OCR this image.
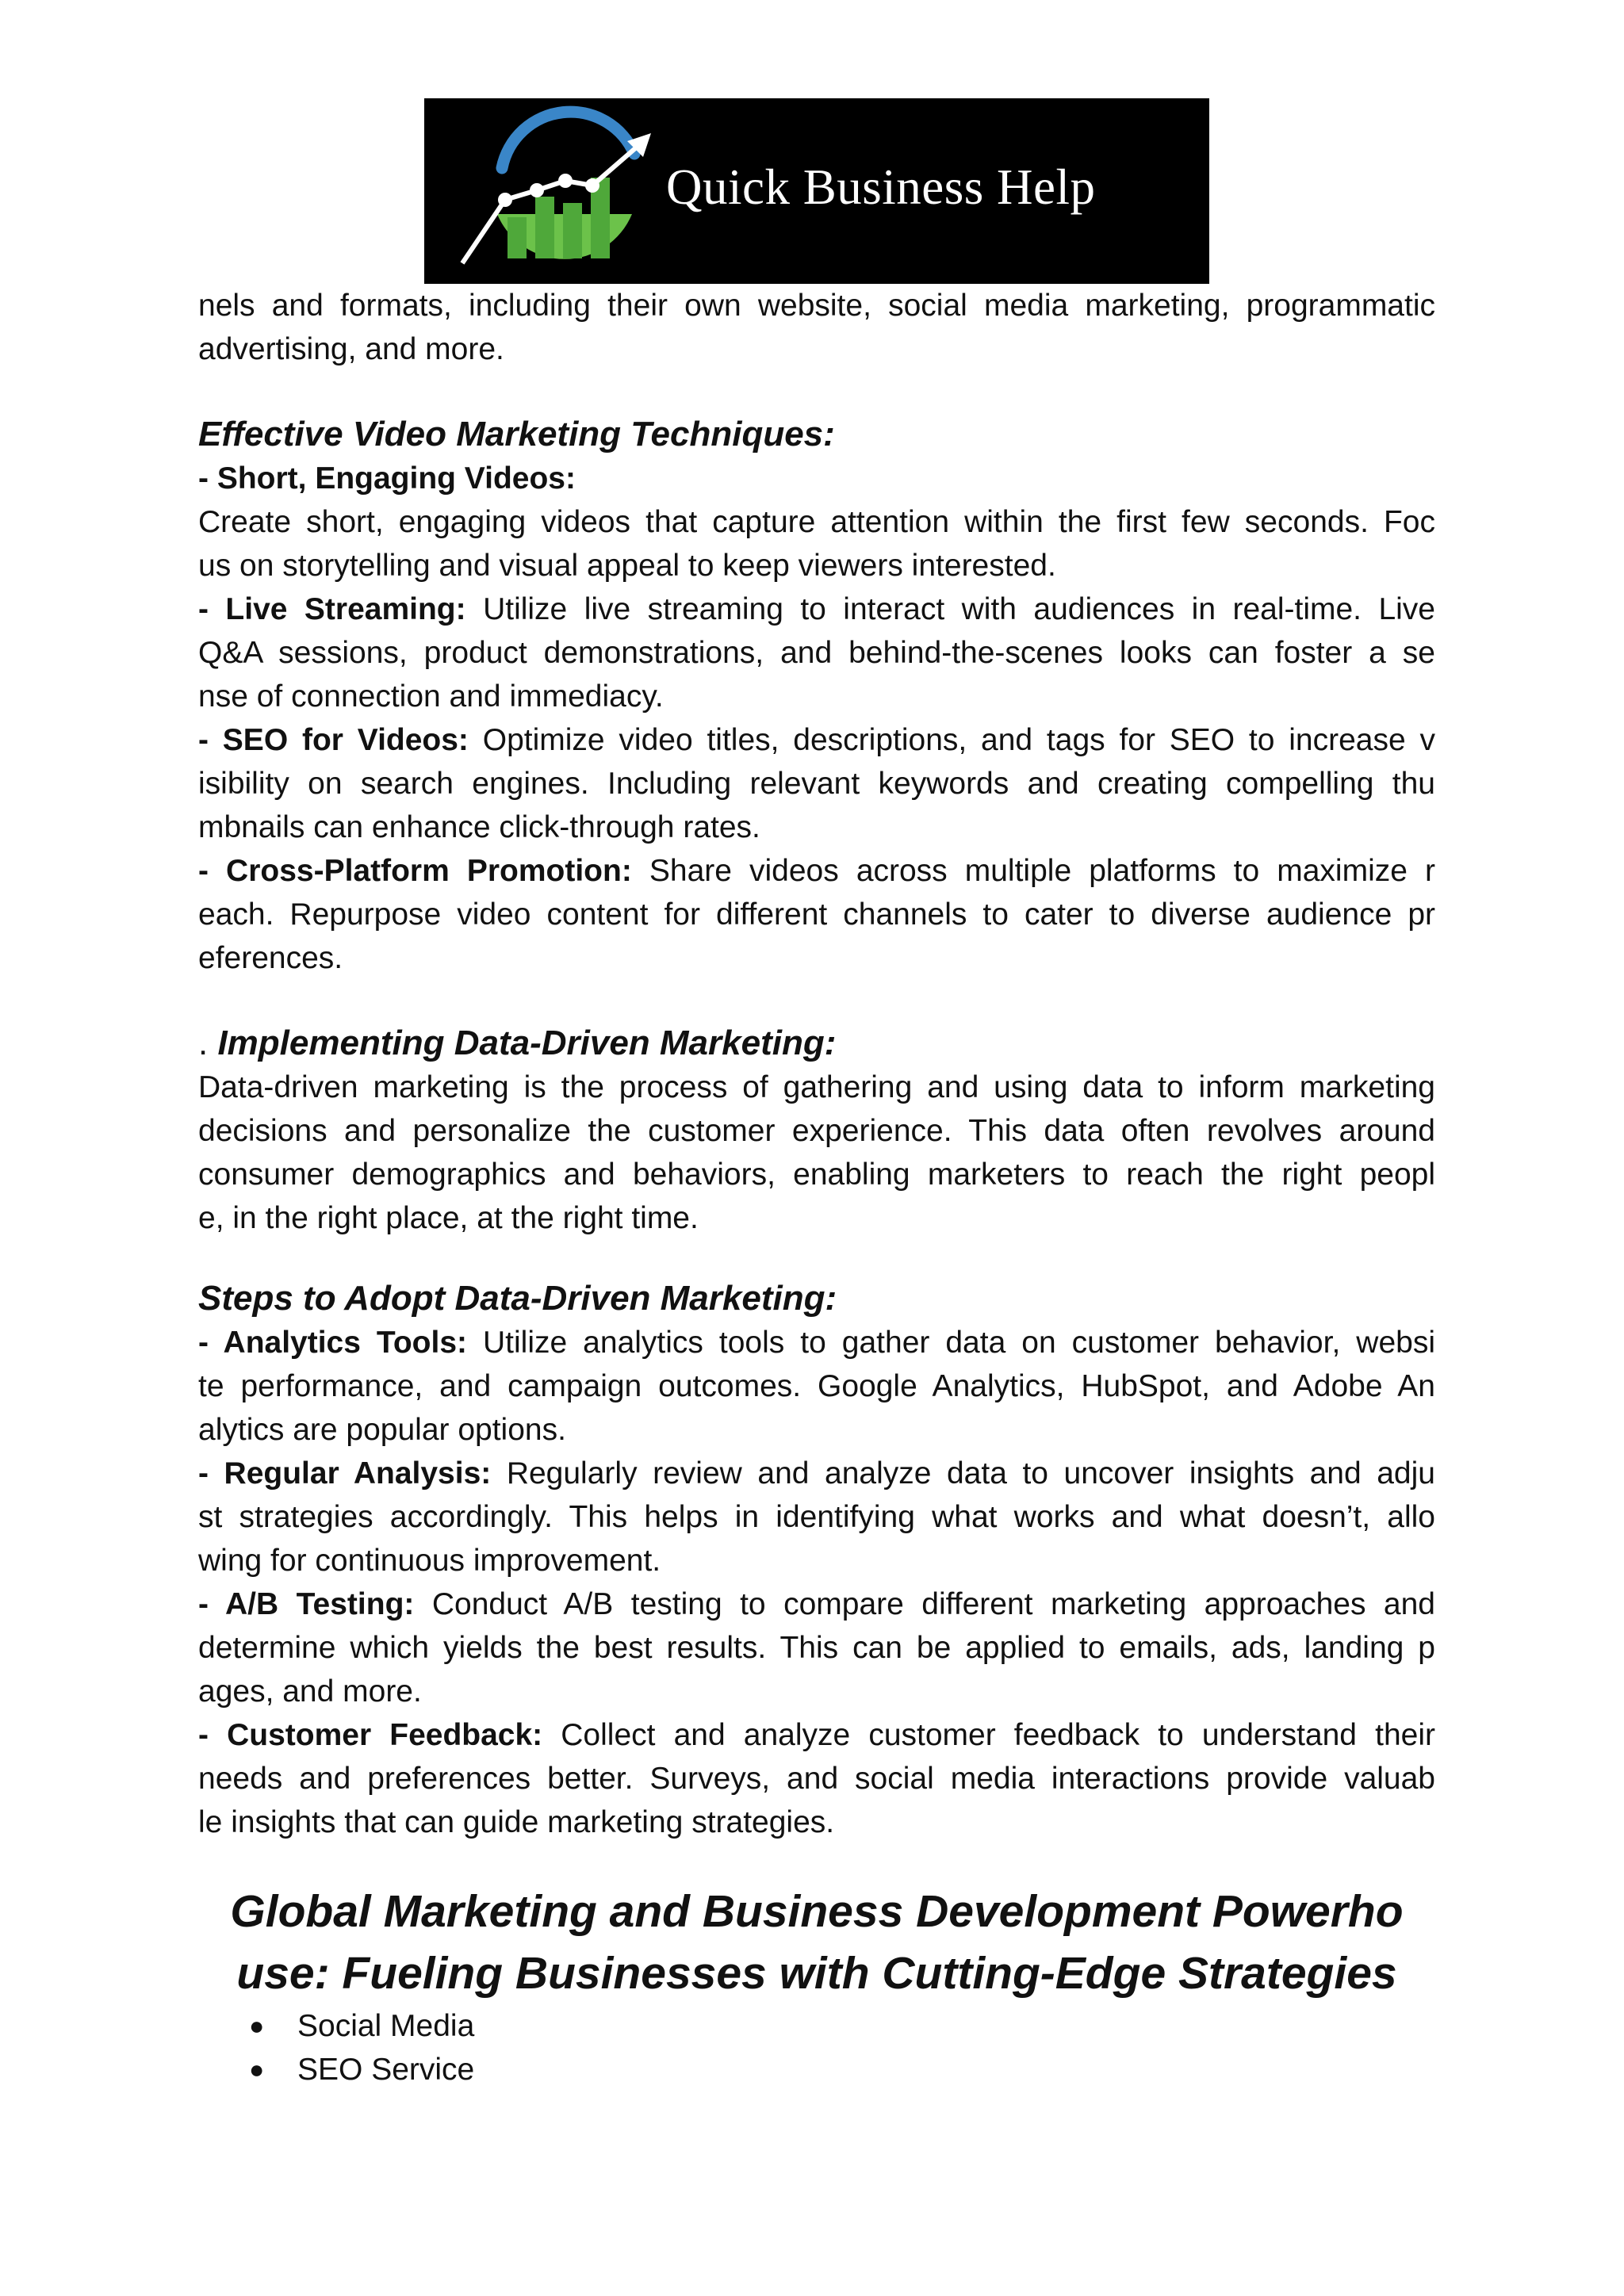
Quick Business Help
nels and formats, including their own website, social media marketing, programmatic
advertising, and more.
Effective Video Marketing Techniques:
- Short, Engaging Videos:
Create short, engaging videos that capture attention within the first few seconds. Foc
us on storytelling and visual appeal to keep viewers interested.
- Live Streaming: Utilize live streaming to interact with audiences in real-time. Live
Q&A sessions, product demonstrations, and behind-the-scenes looks can foster a se
nse of connection and immediacy.
- SEO for Videos: Optimize video titles, descriptions, and tags for SEO to increase v
isibility on search engines. Including relevant keywords and creating compelling thu
mbnails can enhance click-through rates.
- Cross-Platform Promotion: Share videos across multiple platforms to maximize r
each. Repurpose video content for different channels to cater to diverse audience pr
eferences.
. Implementing Data-Driven Marketing:
Data-driven marketing is the process of gathering and using data to inform marketing
decisions and personalize the customer experience. This data often revolves around
consumer demographics and behaviors, enabling marketers to reach the right peopl
e, in the right place, at the right time.
Steps to Adopt Data-Driven Marketing:
- Analytics Tools: Utilize analytics tools to gather data on customer behavior, websi
te performance, and campaign outcomes. Google Analytics, HubSpot, and Adobe An
alytics are popular options.
- Regular Analysis: Regularly review and analyze data to uncover insights and adju
st strategies accordingly. This helps in identifying what works and what doesn’t, allo
wing for continuous improvement.
- A/B Testing: Conduct A/B testing to compare different marketing approaches and
determine which yields the best results. This can be applied to emails, ads, landing p
ages, and more.
- Customer Feedback: Collect and analyze customer feedback to understand their
needs and preferences better. Surveys, and social media interactions provide valuab
le insights that can guide marketing strategies.
Global Marketing and Business Development Powerho
use: Fueling Businesses with Cutting-Edge Strategies
● Social Media
● SEO Service
